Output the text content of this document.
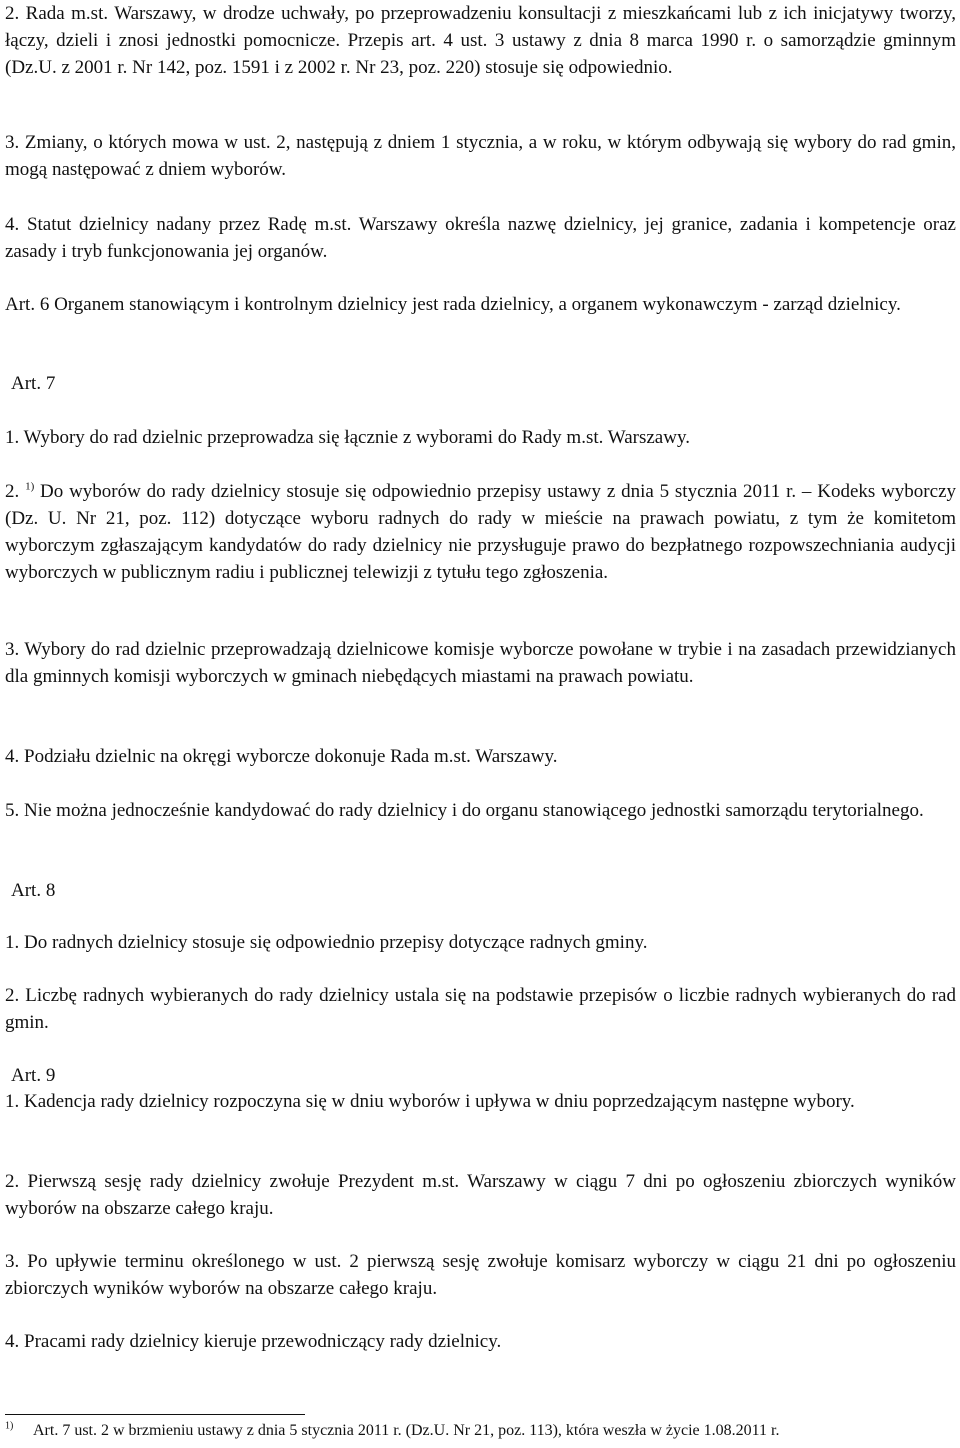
2. Rada m.st. Warszawy, w drodze uchwały, po przeprowadzeniu konsultacji z mieszkańcami lub z ich inicjatywy tworzy, łączy, dzieli i znosi jednostki pomocnicze. Przepis art. 4 ust. 3 ustawy z dnia 8 marca 1990 r. o samorządzie gminnym (Dz.U. z 2001 r. Nr 142, poz. 1591 i z 2002 r. Nr 23, poz. 220) stosuje się odpowiednio.

3. Zmiany, o których mowa w ust. 2, następują z dniem 1 stycznia, a w roku, w którym odbywają się wybory do rad gmin, mogą następować z dniem wyborów.

4. Statut dzielnicy nadany przez Radę m.st. Warszawy określa nazwę dzielnicy, jej granice, zadania i kompetencje oraz zasady i tryb funkcjonowania jej organów.

Art. 6 Organem stanowiącym i kontrolnym dzielnicy jest rada dzielnicy, a organem wykonawczym - zarząd dzielnicy.

Art. 7

1. Wybory do rad dzielnic przeprowadza się łącznie z wyborami do Rady m.st. Warszawy.

2. $^{1)}$ Do wyborów do rady dzielnicy stosuje się odpowiednio przepisy ustawy z dnia 5 stycznia 2011 r. – Kodeks wyborczy (Dz. U. Nr 21, poz. 112) dotyczące wyboru radnych do rady w mieście na prawach powiatu, z tym że komitetom wyborczym zgłaszającym kandydatów do rady dzielnicy nie przysługuje prawo do bezpłatnego rozpowszechniania audycji wyborczych w publicznym radiu i publicznej telewizji z tytułu tego zgłoszenia.

3. Wybory do rad dzielnic przeprowadzają dzielnicowe komisje wyborcze powołane w trybie i na zasadach przewidzianych dla gminnych komisji wyborczych w gminach niebędących miastami na prawach powiatu.

4. Podziału dzielnic na okręgi wyborcze dokonuje Rada m.st. Warszawy.

5. Nie można jednocześnie kandydować do rady dzielnicy i do organu stanowiącego jednostki samorządu terytorialnego.

Art. 8

1. Do radnych dzielnicy stosuje się odpowiednio przepisy dotyczące radnych gminy.

2. Liczbę radnych wybieranych do rady dzielnicy ustala się na podstawie przepisów o liczbie radnych wybieranych do rad gmin.

Art. 9

1. Kadencja rady dzielnicy rozpoczyna się w dniu wyborów i upływa w dniu poprzedzającym następne wybory.

2. Pierwszą sesję rady dzielnicy zwołuje Prezydent m.st. Warszawy w ciągu 7 dni po ogłoszeniu zbiorczych wyników wyborów na obszarze całego kraju.

3. Po upływie terminu określonego w ust. 2 pierwszą sesję zwołuje komisarz wyborczy w ciągu 21 dni po ogłoszeniu zbiorczych wyników wyborów na obszarze całego kraju.

4. Pracami rady dzielnicy kieruje przewodniczący rady dzielnicy.

$^{1)}$ Art. 7 ust. 2 w brzmieniu ustawy z dnia 5 stycznia 2011 r. (Dz.U. Nr 21, poz. 113), która weszła w życie 1.08.2011 r.
